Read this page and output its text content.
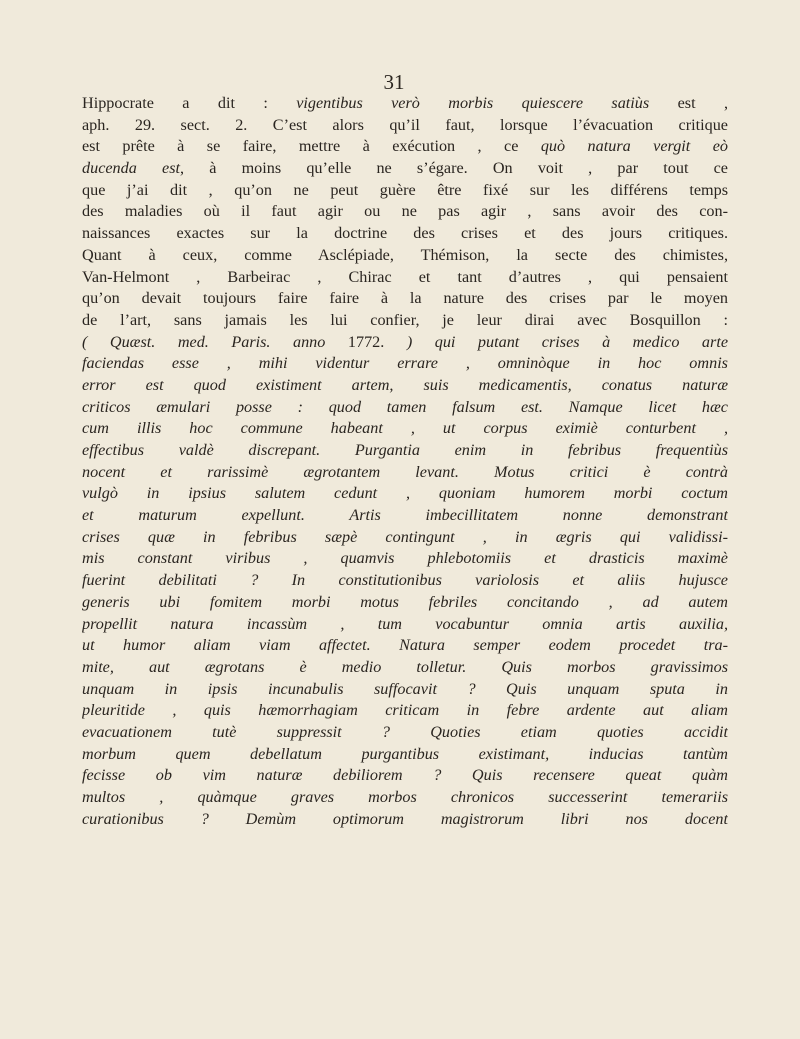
31
Hippocrate a dit : vigentibus verò morbis quiescere satiùs est ,
aph. 29. sect. 2. C’est alors qu’il faut, lorsque l’évacuation critique
est prête à se faire, mettre à exécution , ce quò natura vergit eò
ducenda est, à moins qu’elle ne s’égare. On voit , par tout ce
que j’ai dit , qu’on ne peut guère être fixé sur les différens temps
des maladies où il faut agir ou ne pas agir , sans avoir des con-
naissances exactes sur la doctrine des crises et des jours critiques.
Quant à ceux, comme Asclépiade, Thémison, la secte des chimistes,
Van-Helmont , Barbeirac , Chirac et tant d’autres , qui pensaient
qu’on devait toujours faire faire à la nature des crises par le moyen
de l’art, sans jamais les lui confier, je leur dirai avec Bosquillon :
( Quæst. med. Paris. anno 1772. ) qui putant crises à medico arte
faciendas esse , mihi videntur errare , omninòque in hoc omnis
error est quod existiment artem, suis medicamentis, conatus naturæ
criticos æmulari posse : quod tamen falsum est. Namque licet hæc
cum illis hoc commune habeant , ut corpus eximiè conturbent ,
effectibus valdè discrepant. Purgantia enim in febribus frequentiùs
nocent et rarissimè ægrotantem levant. Motus critici è contrà
vulgò in ipsius salutem cedunt , quoniam humorem morbi coctum
et maturum expellunt. Artis imbecillitatem nonne demonstrant
crises quæ in febribus sæpè contingunt , in ægris qui validissi-
mis constant viribus , quamvis phlebotomiis et drasticis maximè
fuerint debilitati ? In constitutionibus variolosis et aliis hujusce
generis ubi fomitem morbi motus febriles concitando , ad autem
propellit natura incassùm , tum vocabuntur omnia artis auxilia,
ut humor aliam viam affectet. Natura semper eodem procedet tra-
mite, aut ægrotans è medio tolletur. Quis morbos gravissimos
unquam in ipsis incunabulis suffocavit ? Quis unquam sputa in
pleuritide , quis hæmorrhagiam criticam in febre ardente aut aliam
evacuationem tutè suppressit ? Quoties etiam quoties accidit
morbum quem debellatum purgantibus existimant, inducias tantùm
fecisse ob vim naturæ debiliorem ? Quis recensere queat quàm
multos , quàmque graves morbos chronicos successerint temerariis
curationibus ? Demùm optimorum magistrorum libri nos docent
